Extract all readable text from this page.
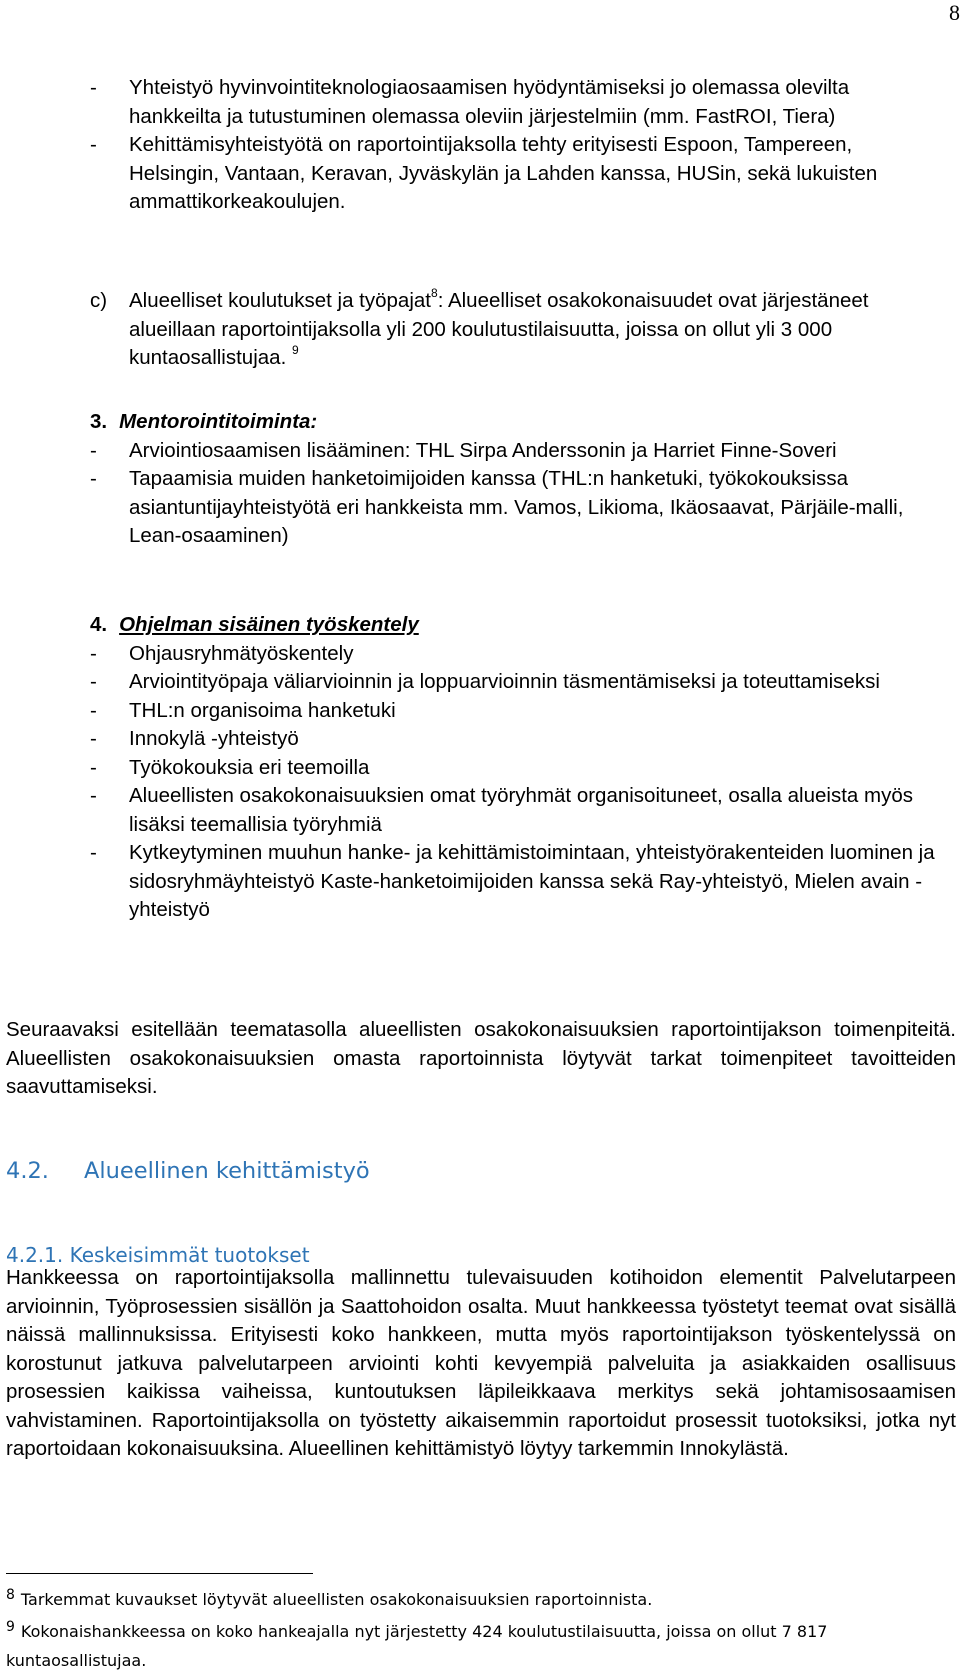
8
- Yhteistyö hyvinvointiteknologiaosaamisen hyödyntämiseksi jo olemassa olevilta hankkeilta ja tutustuminen olemassa oleviin järjestelmiin (mm. FastROI, Tiera)
- Kehittämisyhteistyötä on raportointijaksolla tehty erityisesti Espoon, Tampereen, Helsingin, Vantaan, Keravan, Jyväskylän ja Lahden kanssa, HUSin, sekä lukuisten ammattikorkeakoulujen.
c) Alueelliset koulutukset ja työpajat$^8$: Alueelliset osakokonaisuudet ovat järjestäneet alueillaan raportointijaksolla yli 200 koulutustilaisuutta, joissa on ollut yli 3 000 kuntaosallistujaa. $^9$
3. Mentorointitoiminta:
- Arviointiosaamisen lisääminen: THL Sirpa Anderssonin ja Harriet Finne-Soveri
- Tapaamisia muiden hanketoimijoiden kanssa (THL:n hanketuki, työkokouksissa asiantuntijayhteistyötä eri hankkeista mm. Vamos, Likioma, Ikäosaavat, Pärjäile-malli, Lean-osaaminen)
4. Ohjelman sisäinen työskentely
- Ohjausryhmätyöskentely
- Arviointityöpaja väliarvioinnin ja loppuarvioinnin täsmentämiseksi ja toteuttamiseksi
- THL:n organisoima hanketuki
- Innokylä -yhteistyö
- Työkokouksia eri teemoilla
- Alueellisten osakokonaisuuksien omat työryhmät organisoituneet, osalla alueista myös lisäksi teemallisia työryhmiä
- Kytkeytyminen muuhun hanke- ja kehittämistoimintaan, yhteistyörakenteiden luominen ja sidosryhmäyhteistyö Kaste-hanketoimijoiden kanssa sekä Ray-yhteistyö, Mielen avain -yhteistyö
Seuraavaksi esitellään teematasolla alueellisten osakokonaisuuksien raportointijakson toimenpiteitä. Alueellisten osakokonaisuuksien omasta raportoinnista löytyvät tarkat toimenpiteet tavoitteiden saavuttamiseksi.
4.2. Alueellinen kehittämistyö
4.2.1. Keskeisimmät tuotokset
Hankkeessa on raportointijaksolla mallinnettu tulevaisuuden kotihoidon elementit Palvelutarpeen arvioinnin, Työprosessien sisällön ja Saattohoidon osalta. Muut hankkeessa työstetyt teemat ovat sisällä näissä mallinnuksissa. Erityisesti koko hankkeen, mutta myös raportointijakson työskentelyssä on korostunut jatkuva palvelutarpeen arviointi kohti kevyempiä palveluita ja asiakkaiden osallisuus prosessien kaikissa vaiheissa, kuntoutuksen läpileikkaava merkitys sekä johtamisosaamisen vahvistaminen. Raportointijaksolla on työstetty aikaisemmin raportoidut prosessit tuotoksiksi, jotka nyt raportoidaan kokonaisuuksina. Alueellinen kehittämistyö löytyy tarkemmin Innokylästä.
8 Tarkemmat kuvaukset löytyvät alueellisten osakokonaisuuksien raportoinnista.
9 Kokonaishankkeessa on koko hankeajalla nyt järjestetty 424 koulutustilaisuutta, joissa on ollut 7 817 kuntaosallistujaa.
